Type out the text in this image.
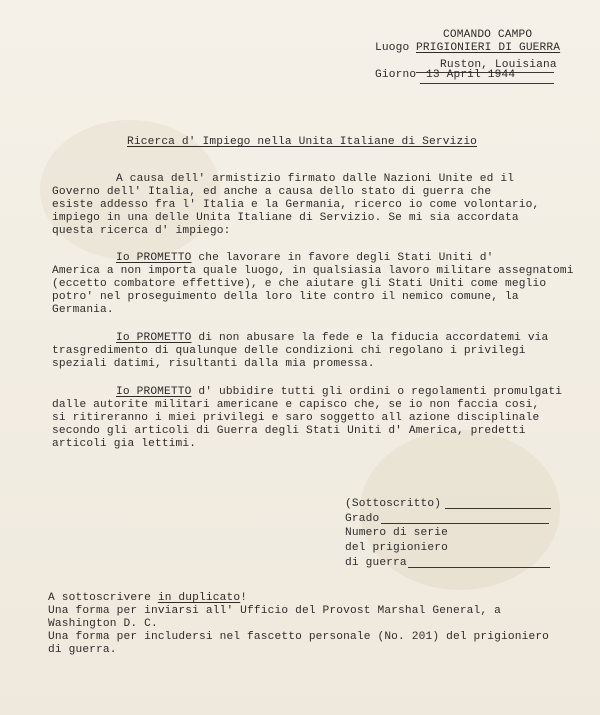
COMANDO CAMPO
Luogo PRIGIONIERI DI GUERRA
Ruston, Louisiana
Giorno 13 April 1944
Ricerca d' Impiego nella Unita Italiane di Servizio
A causa dell' armistizio firmato dalle Nazioni Unite ed il
Governo dell' Italia, ed anche a causa dello stato di guerra che
esiste addesso fra l' Italia e la Germania, ricerco io come volontario,
impiego in una delle Unita Italiane di Servizio. Se mi sia accordata
questa ricerca d' impiego:
Io PROMETTO che lavorare in favore degli Stati Uniti d'
America a non importa quale luogo, in qualsiasia lavoro militare assegnatomi
(eccetto combatore effettive), e che aiutare gli Stati Uniti come meglio
potro' nel proseguimento della loro lite contro il nemico comune, la
Germania.
Io PROMETTO di non abusare la fede e la fiducia accordatemi via
trasgredimento di qualunque delle condizioni chi regolano i privilegi
speziali datimi, risultanti dalla mia promessa.
Io PROMETTO d' ubbidire tutti gli ordini o regolamenti promulgati
dalle autorite militari americane e capisco che, se io non faccia cosi,
si ritireranno i miei privilegi e saro soggetto all azione disciplinale
secondo gli articoli di Guerra degli Stati Uniti d' America, predetti
articoli gia lettimi.
(Sottoscritto)
Grado
Numero di serie
del prigioniero
di guerra
A sottoscrivere in duplicato!
Una forma per inviarsi all' Ufficio del Provost Marshal General, a
Washington D. C.
Una forma per includersi nel fascetto personale (No. 201) del prigioniero
di guerra.
